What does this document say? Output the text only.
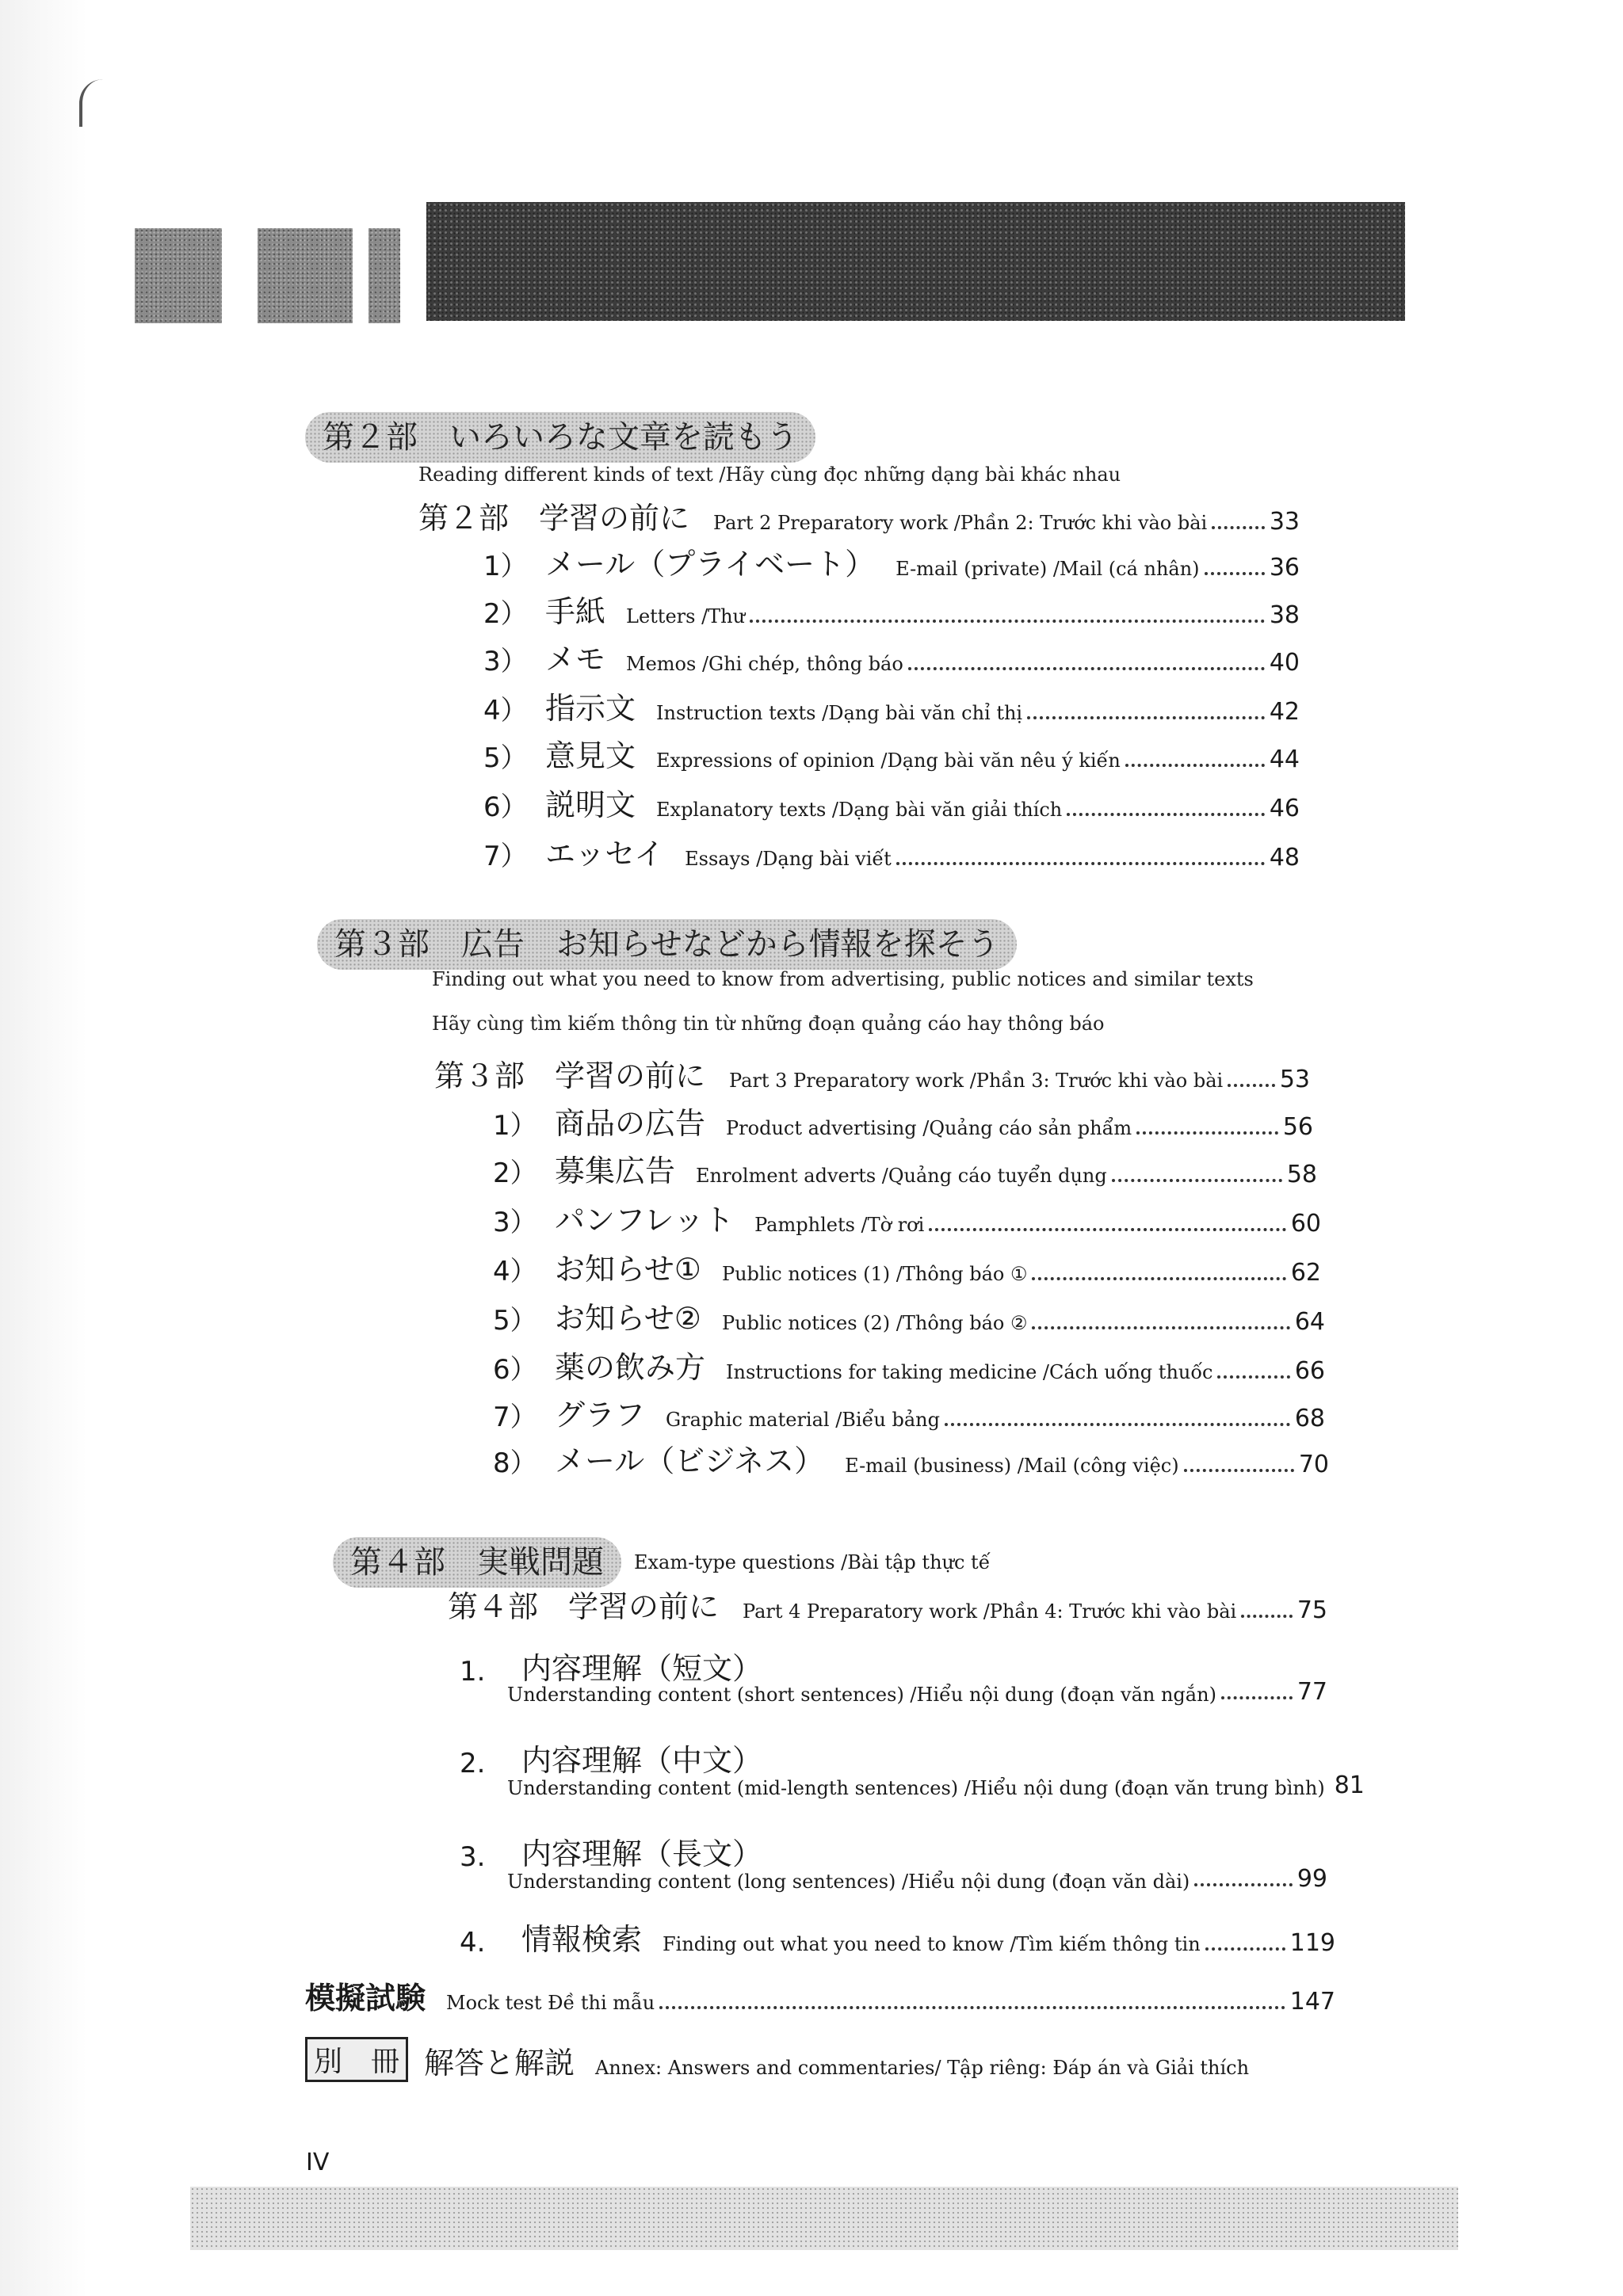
第２部　いろいろな文章を読もう
Reading different kinds of text /Hãy cùng đọc những dạng bài khác nhau
第２部　学習の前に Part 2 Preparatory work /Phần 2: Trước khi vào bài	33
1） メール（プライベート） E-mail (private) /Mail (cá nhân)	36
2） 手紙 Letters /Thư	38
3） メモ Memos /Ghi chép, thông báo	40
4） 指示文 Instruction texts /Dạng bài văn chỉ thị	42
5） 意見文 Expressions of opinion /Dạng bài văn nêu ý kiến	44
6） 説明文 Explanatory texts /Dạng bài văn giải thích	46
7） エッセイ Essays /Dạng bài viết	48
第３部　広告　お知らせなどから情報を探そう
Finding out what you need to know from advertising, public notices and similar texts
Hãy cùng tìm kiếm thông tin từ những đoạn quảng cáo hay thông báo
第３部　学習の前に Part 3 Preparatory work /Phần 3: Trước khi vào bài 53
1） 商品の広告 Product advertising /Quảng cáo sản phẩm	56
2） 募集広告 Enrolment adverts /Quảng cáo tuyển dụng	58
3） パンフレット Pamphlets /Tờ rơi	60
4） お知らせ① Public notices (1) /Thông báo ①	62
5） お知らせ② Public notices (2) /Thông báo ②	64
6） 薬の飲み方 Instructions for taking medicine /Cách uống thuốc	66
7） グラフ Graphic material /Biểu bảng	68
8） メール（ビジネス） E-mail (business) /Mail (công việc)	70
第４部　実戦問題	Exam-type questions /Bài tập thực tế
第４部　学習の前に Part 4 Preparatory work /Phần 4: Trước khi vào bài	75
1.	内容理解（短文）
Understanding content (short sentences) /Hiểu nội dung (đoạn văn ngắn)	77
2.	内容理解（中文）
Understanding content (mid-length sentences) /Hiểu nội dung (đoạn văn trung bình) 81
3.	内容理解（長文）
Understanding content (long sentences) /Hiểu nội dung (đoạn văn dài)	99
4.	情報検索 Finding out what you need to know /Tìm kiếm thông tin	119
模擬試験 Mock test Đề thi mẫu	147
別　冊 解答と解説 Annex: Answers and commentaries/ Tập riêng: Đáp án và Giải thích
IV
